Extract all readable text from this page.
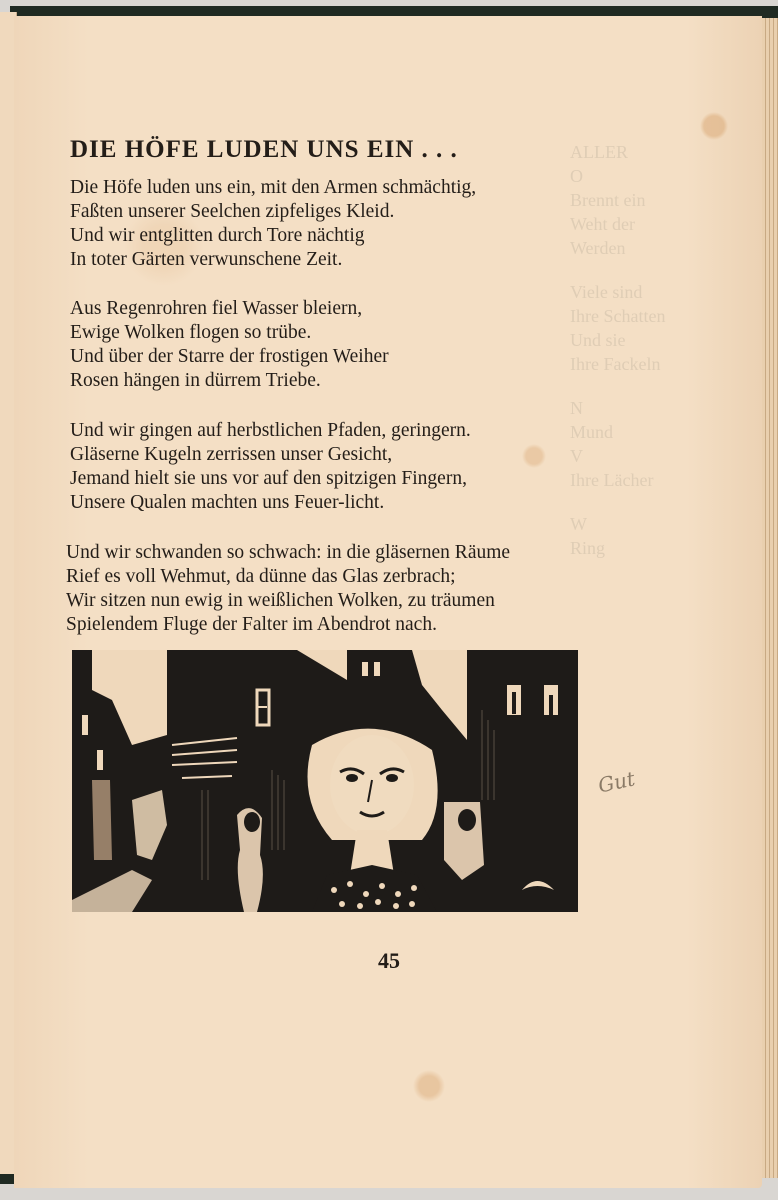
ALLER
O
Brennt ein
Weht der
Werden
Viele sind
Ihre Schatten
Und sie
Ihre Fackeln
N
Mund
V
Ihre Lächer
W
Ring
DIE HÖFE LUDEN UNS EIN . . .
Die Höfe luden uns ein, mit den Armen schmächtig,
Faßten unserer Seelchen zipfeliges Kleid.
Und wir entglitten durch Tore nächtig
In toter Gärten verwunschene Zeit.
Aus Regenrohren fiel Wasser bleiern,
Ewige Wolken flogen so trübe.
Und über der Starre der frostigen Weiher
Rosen hängen in dürrem Triebe.
Und wir gingen auf herbstlichen Pfaden, geringern.
Gläserne Kugeln zerrissen unser Gesicht,
Jemand hielt sie uns vor auf den spitzigen Fingern,
Unsere Qualen machten uns Feuer-licht.
Und wir schwanden so schwach: in die gläsernen Räume
Rief es voll Wehmut, da dünne das Glas zerbrach;
Wir sitzen nun ewig in weißlichen Wolken, zu träumen
Spielendem Fluge der Falter im Abendrot nach.
45
Gut
